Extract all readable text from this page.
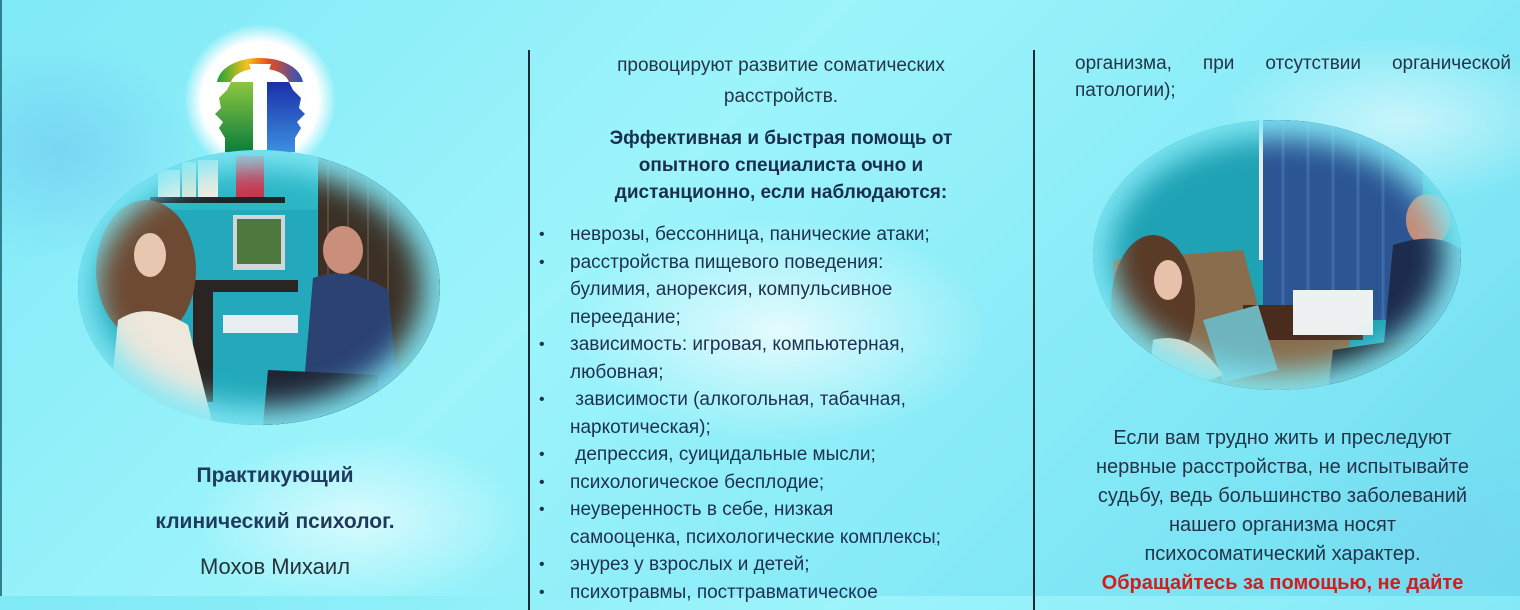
Практикующий
клинический психолог.
Мохов Михаил
провоцируют развитие соматических
расстройств.
Эффективная и быстрая помощь от
опытного специалиста очно и
дистанционно, если наблюдаются:
• неврозы, бессонница, панические атаки;
• расстройства пищевого поведения:
булимия, анорексия, компульсивное
переедание;
• зависимость: игровая, компьютерная,
любовная;
• зависимости (алкогольная, табачная,
наркотическая);
• депрессия, суицидальные мысли;
• психологическое бесплодие;
• неуверенность в себе, низкая
самооценка, психологические комплексы;
• энурез у взрослых и детей;
• психотравмы, посттравматическое
организма, при отсутствии органической
патологии);
Если вам трудно жить и преследуют
нервные расстройства, не испытывайте
судьбу, ведь большинство заболеваний
нашего организма носят
психосоматический характер.
Обращайтесь за помощью, не дайте
